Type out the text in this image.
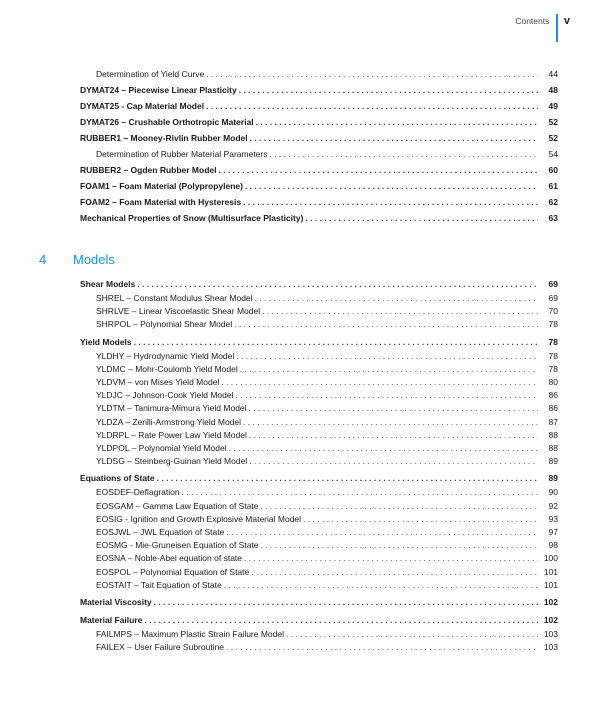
Contents v
Determination of Yield Curve . . .	44
DYMAT24 – Piecewise Linear Plasticity . . .	48
DYMAT25 - Cap Material Model . . .	49
DYMAT26 – Crushable Orthotropic Material . . .	52
RUBBER1 – Mooney-Rivlin Rubber Model . . .	52
Determination of Rubber Material Parameters . . .	54
RUBBER2 – Ogden Rubber Model . . .	60
FOAM1 – Foam Material (Polypropylene) . . .	61
FOAM2 – Foam Material with Hysteresis . . .	62
Mechanical Properties of Snow (Multisurface Plasticity) . . .	63
4	Models
Shear Models . . .	69
SHREL – Constant Modulus Shear Model . . .	69
SHRLVE – Linear Viscoelastic Shear Model . . .	70
SHRPOL – Polynomial Shear Model . . .	78
Yield Models . . .	78
YLDHY – Hydrodynamic Yield Model . . .	78
YLDMC – Mohr-Coulomb Yield Model . . .	78
YLDVM – von Mises Yield Model . . .	80
YLDJC – Johnson-Cook Yield Model . . .	86
YLDTM – Tanimura-Mimura Yield Model . . .	86
YLDZA – Zerilli-Armstrong Yield Model . . .	87
YLDRPL – Rate Power Law Yield Model . . .	88
YLDPOL – Polynomial Yield Model . . .	88
YLDSG – Steinberg-Guinan Yield Model . . .	89
Equations of State . . .	89
EOSDEF-Deflagration . . .	90
EOSGAM – Gamma Law Equation of State . . .	92
EOSIG - Ignition and Growth Explosive Material Model . . .	93
EOSJWL – JWL Equation of State . . .	97
EOSMG - Mie-Gruneisen Equation of State . . .	98
EOSNA – Noble-Abel equation of state . . .	100
EOSPOL – Polynomial Equation of State . . .	101
EOSTAIT – Tait Equation of State . . .	101
Material Viscosity . . .	102
Material Failure . . .	102
FAILMPS – Maximum Plastic Strain Failure Model . . .	103
FAILEX – User Failure Subroutine . . .	103
